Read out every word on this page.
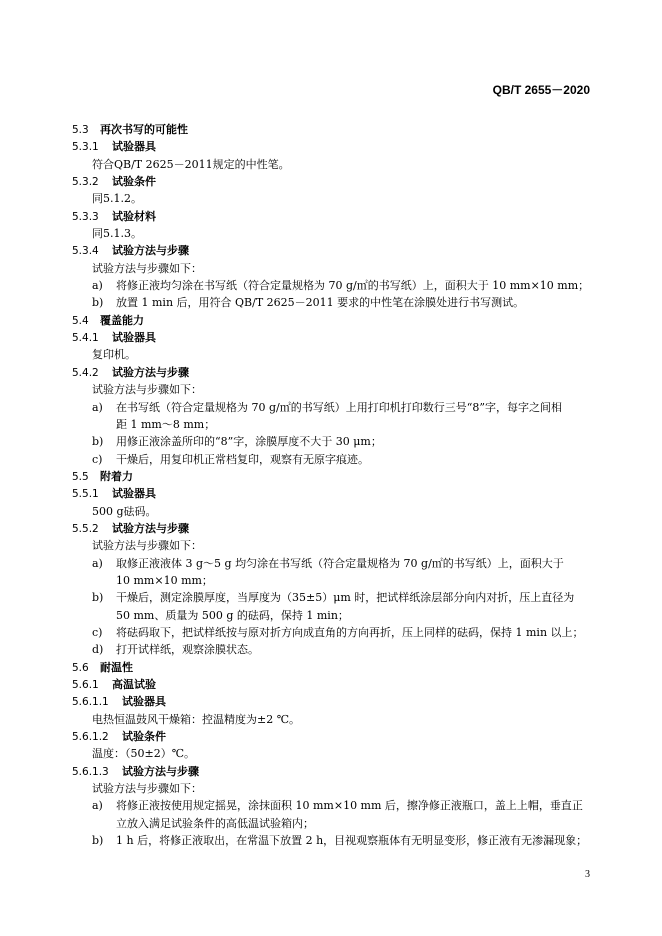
QB/T 2655－2020
5.3 再次书写的可能性
5.3.1 试验器具
符合QB/T 2625－2011规定的中性笔。
5.3.2 试验条件
同5.1.2。
5.3.3 试验材料
同5.1.3。
5.3.4 试验方法与步骤
试验方法与步骤如下：
a) 将修正液均匀涂在书写纸（符合定量规格为 70 g/㎡的书写纸）上，面积大于 10 mm×10 mm；
b) 放置 1 min 后，用符合 QB/T 2625－2011 要求的中性笔在涂膜处进行书写测试。
5.4 覆盖能力
5.4.1 试验器具
复印机。
5.4.2 试验方法与步骤
试验方法与步骤如下：
a) 在书写纸（符合定量规格为 70 g/㎡的书写纸）上用打印机打印数行三号“8”字，每字之间相
距 1 mm～8 mm；
b) 用修正液涂盖所印的“8”字，涂膜厚度不大于 30 μm；
c) 干燥后，用复印机正常档复印，观察有无原字痕迹。
5.5 附着力
5.5.1 试验器具
500 g砝码。
5.5.2 试验方法与步骤
试验方法与步骤如下：
a) 取修正液液体 3 g～5 g 均匀涂在书写纸（符合定量规格为 70 g/㎡的书写纸）上，面积大于
10 mm×10 mm；
b) 干燥后，测定涂膜厚度，当厚度为（35±5）μm 时，把试样纸涂层部分向内对折，压上直径为
50 mm、质量为 500 g 的砝码，保持 1 min；
c) 将砝码取下，把试样纸按与原对折方向成直角的方向再折，压上同样的砝码，保持 1 min 以上；
d) 打开试样纸，观察涂膜状态。
5.6 耐温性
5.6.1 高温试验
5.6.1.1 试验器具
电热恒温鼓风干燥箱：控温精度为±2 ℃。
5.6.1.2 试验条件
温度：（50±2）℃。
5.6.1.3 试验方法与步骤
试验方法与步骤如下：
a) 将修正液按使用规定摇晃，涂抹面积 10 mm×10 mm 后，擦净修正液瓶口，盖上上帽，垂直正
立放入满足试验条件的高低温试验箱内；
b) 1 h 后，将修正液取出，在常温下放置 2 h，目视观察瓶体有无明显变形，修正液有无渗漏现象；
3
